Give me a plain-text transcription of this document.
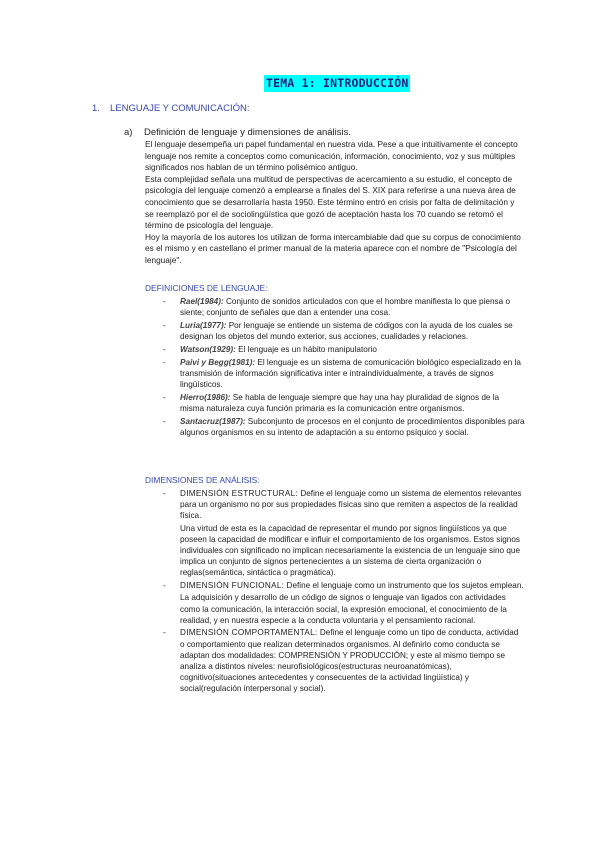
TEMA 1: INTRODUCCIÓN
1. LENGUAJE Y COMUNICACIÓN:
a) Definición de lenguaje y dimensiones de análisis.

El lenguaje desempeña un papel fundamental en nuestra vida. Pese a que intuitivamente el concepto lenguaje nos remite a conceptos como comunicación, información, conocimiento, voz y sus múltiples significados nos hablan de un término polisémico antiguo.

Esta complejidad señala una multitud de perspectivas de acercamiento a su estudio, el concepto de psicología del lenguaje comenzó a emplearse a finales del S. XIX para referirse a una nueva área de conocimiento que se desarrollaría hasta 1950. Este término entró en crisis por falta de delimitación y se reemplazó por el de sociolingüística que gozó de aceptación hasta los 70 cuando se retomó el término de psicología del lenguaje.

Hoy la mayoría de los autores los utilizan de forma intercambiable dad que su corpus de conocimiento es el mismo y en castellano el primer manual de la materia aparece con el nombre de "Psicología del lenguaje".

DEFINICIONES DE LENGUAJE:
- Rael(1984): Conjunto de sonidos articulados con que el hombre manifiesta lo que piensa o siente; conjunto de señales que dan a entender una cosa.
- Luria(1977): Por lenguaje se entiende un sistema de códigos con la ayuda de los cuales se designan los objetos del mundo exterior, sus acciones, cualidades y relaciones.
- Watson(1929): El lenguaje es un hábito manipulatorio
- Paivi y Begg(1981): El lenguaje es un sistema de comunicación biológico especializado en la transmisión de información significativa inter e intraindividualmente, a través de signos lingüísticos.
- Hierro(1986): Se habla de lenguaje siempre que hay una hay pluralidad de signos de la misma naturaleza cuya función primaria es la comunicación entre organismos.
- Santacruz(1987): Subconjunto de procesos en el conjunto de procedimientos disponibles para algunos organismos en su intento de adaptación a su entorno psíquico y social.
DIMENSIONES DE ANÁLISIS:
- DIMENSIÓN ESTRUCTURAL: Define el lenguaje como un sistema de elementos relevantes para un organismo no por sus propiedades físicas sino que remiten a aspectos de la realidad física.
Una virtud de esta es la capacidad de representar el mundo por signos lingüísticos ya que poseen la capacidad de modificar e influir el comportamiento de los organismos. Estos signos individuales con significado no implican necesariamente la existencia de un lenguaje sino que implica un conjunto de signos pertenecientes a un sistema de cierta organización o reglas(semántica, sintáctica o pragmática).
- DIMENSIÓN FUNCIONAL: Define el lenguaje como un instrumento que los sujetos emplean.
La adquisición y desarrollo de un código de signos o lenguaje van ligados con actividades como la comunicación, la interacción social, la expresión emocional, el conocimiento de la realidad, y en nuestra especie a la conducta voluntaria y el pensamiento racional.
- DIMENSIÓN COMPORTAMENTAL: Define el lenguaje como un tipo de conducta, actividad o comportamiento que realizan determinados organismos. Al definirlo como conducta se adaptan dos modalidades: COMPRENSIÓN Y PRODUCCIÓN; y este al mismo tiempo se analiza a distintos niveles: neurofisiológicos(estructuras neuroanatómicas), cognitivo(situaciones antecedentes y consecuentes de la actividad lingüística) y social(regulación interpersonal y social).
